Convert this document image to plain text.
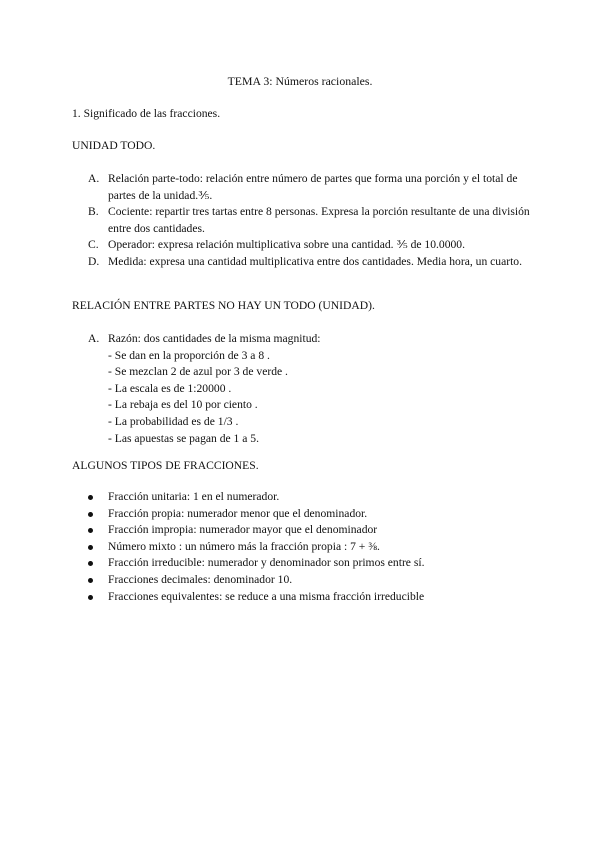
TEMA 3: Números racionales.

1. Significado de las fracciones.

UNIDAD TODO.

A. Relación parte-todo: relación entre número de partes que forma una porción y el total de partes de la unidad.⅗.
B. Cociente: repartir tres tartas entre 8 personas. Expresa la porción resultante de una división entre dos cantidades.
C. Operador: expresa relación multiplicativa sobre una cantidad. ⅗ de 10.0000.
D. Medida: expresa una cantidad multiplicativa entre dos cantidades. Media hora, un cuarto.

RELACIÓN ENTRE PARTES NO HAY UN TODO (UNIDAD).

A. Razón: dos cantidades de la misma magnitud:
- Se dan en la proporción de 3 a 8 .
- Se mezclan 2 de azul por 3 de verde .
- La escala es de 1:20000 .
- La rebaja es del 10 por ciento .
- La probabilidad es de 1/3 .
- Las apuestas se pagan de 1 a 5.

ALGUNOS TIPOS DE FRACCIONES.

Fracción unitaria: 1 en el numerador.
Fracción propia: numerador menor que el denominador.
Fracción impropia: numerador mayor que el denominador
Número mixto : un número más la fracción propia : 7 + ⅜.
Fracción irreducible: numerador y denominador son primos entre sí.
Fracciones decimales: denominador 10.
Fracciones equivalentes: se reduce a una misma fracción irreducible
